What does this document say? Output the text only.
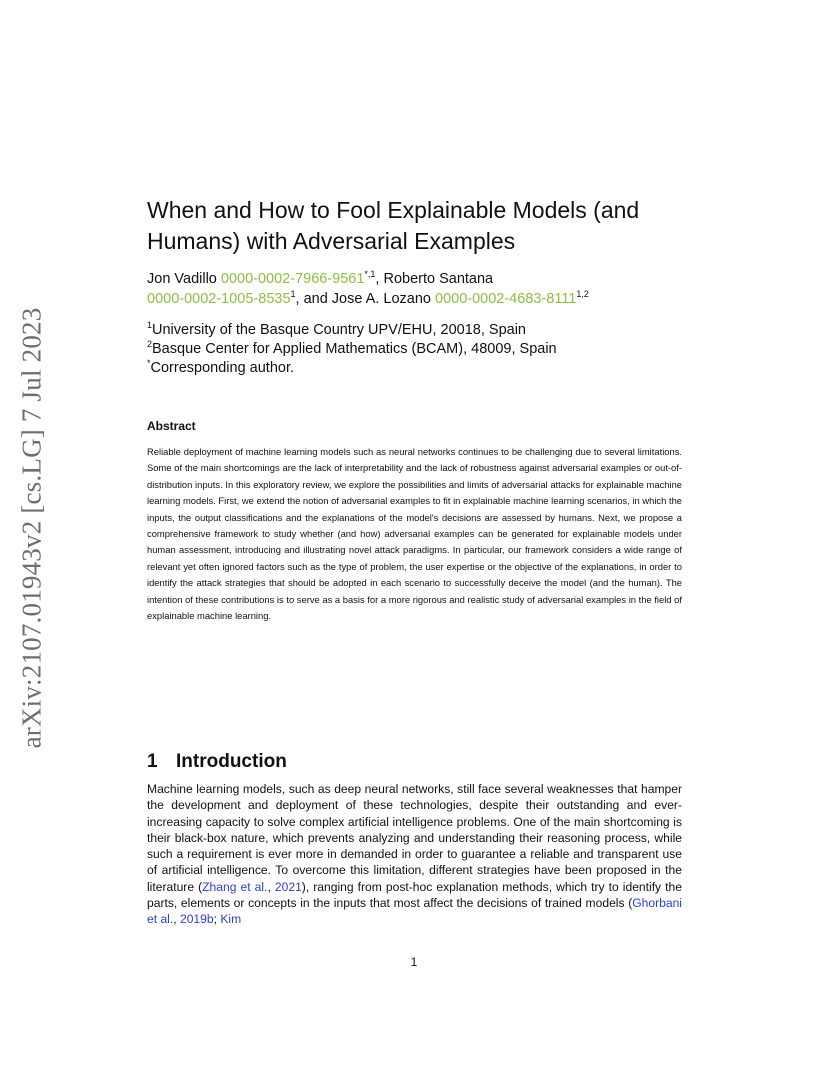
arXiv:2107.01943v2 [cs.LG] 7 Jul 2023
When and How to Fool Explainable Models (and Humans) with Adversarial Examples
Jon Vadillo $0000-0002-7966-9561^{*,1}$, Roberto Santana
0000-0002-1005-8535$^1$, and Jose A. Lozano 0000-0002-4683-8111$^{1,2}$
$^1$University of the Basque Country UPV/EHU, 20018, Spain
$^2$Basque Center for Applied Mathematics (BCAM), 48009, Spain
*Corresponding author.
Abstract

Reliable deployment of machine learning models such as neural networks continues to be challenging due to several limitations. Some of the main shortcomings are the lack of interpretability and the lack of robustness against adversarial examples or out-of-distribution inputs. In this exploratory review, we explore the possibilities and limits of adversarial attacks for explainable machine learning models. First, we extend the notion of adversarial examples to fit in explainable machine learning scenarios, in which the inputs, the output classifications and the explanations of the model's decisions are assessed by humans. Next, we propose a comprehensive framework to study whether (and how) adversarial examples can be generated for explainable models under human assessment, introducing and illustrating novel attack paradigms. In particular, our framework considers a wide range of relevant yet often ignored factors such as the type of problem, the user expertise or the objective of the explanations, in order to identify the attack strategies that should be adopted in each scenario to successfully deceive the model (and the human). The intention of these contributions is to serve as a basis for a more rigorous and realistic study of adversarial examples in the field of explainable machine learning.

1 Introduction

Machine learning models, such as deep neural networks, still face several weaknesses that hamper the development and deployment of these technologies, despite their outstanding and ever-increasing capacity to solve complex artificial intelligence problems. One of the main shortcoming is their black-box nature, which prevents analyzing and understanding their reasoning process, while such a requirement is ever more in demanded in order to guarantee a reliable and transparent use of artificial intelligence. To overcome this limitation, different strategies have been proposed in the literature (Zhang et al., 2021), ranging from post-hoc explanation methods, which try to identify the parts, elements or concepts in the inputs that most affect the decisions of trained models (Ghorbani et al., 2019b; Kim

1
